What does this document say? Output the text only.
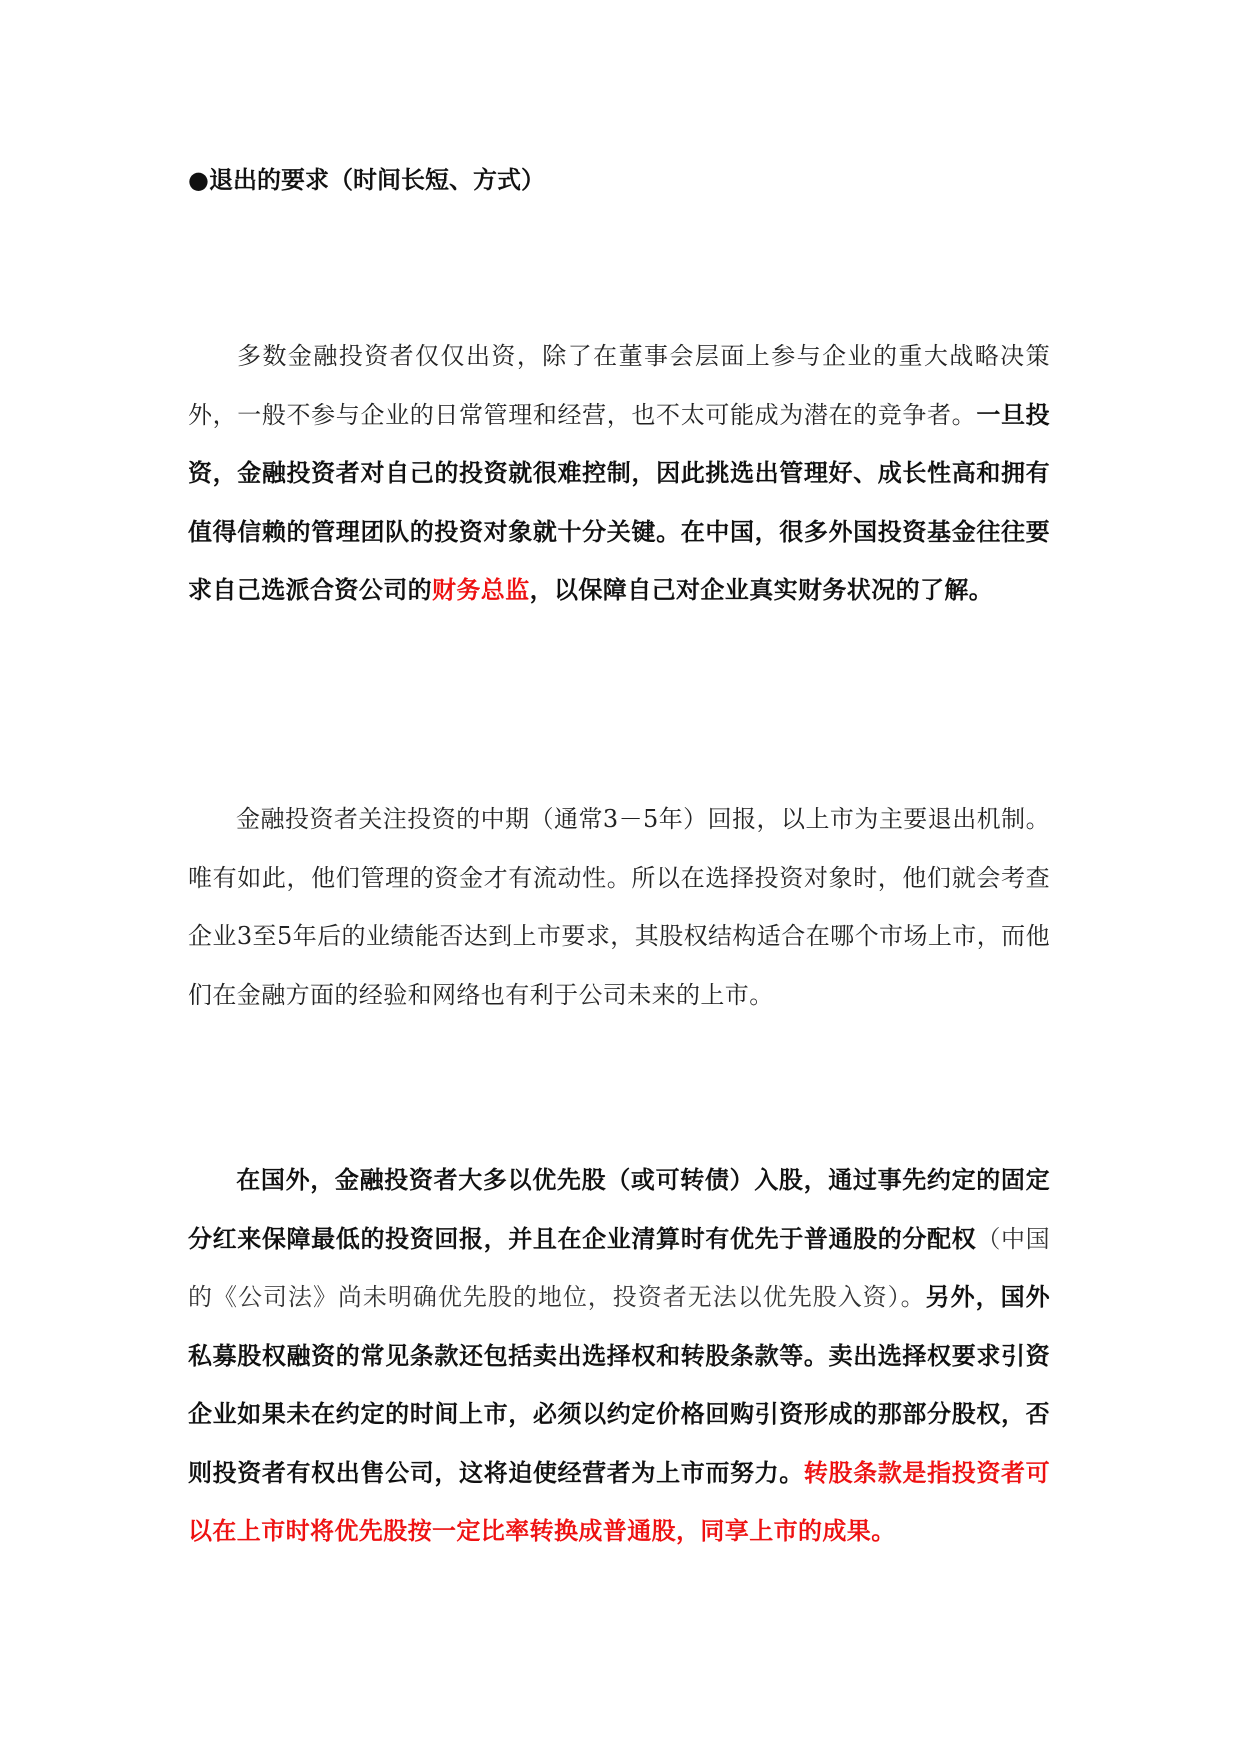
●退出的要求（时间长短、方式）

多数金融投资者仅仅出资，除了在董事会层面上参与企业的重大战略决策外，一般不参与企业的日常管理和经营，也不太可能成为潜在的竞争者。一旦投资，金融投资者对自己的投资就很难控制，因此挑选出管理好、成长性高和拥有值得信赖的管理团队的投资对象就十分关键。在中国，很多外国投资基金往往要求自己选派合资公司的财务总监，以保障自己对企业真实财务状况的了解。

金融投资者关注投资的中期（通常3－5年）回报，以上市为主要退出机制。唯有如此，他们管理的资金才有流动性。所以在选择投资对象时，他们就会考查企业3至5年后的业绩能否达到上市要求，其股权结构适合在哪个市场上市，而他们在金融方面的经验和网络也有利于公司未来的上市。

在国外，金融投资者大多以优先股（或可转债）入股，通过事先约定的固定分红来保障最低的投资回报，并且在企业清算时有优先于普通股的分配权（中国的《公司法》尚未明确优先股的地位，投资者无法以优先股入资）。另外，国外私募股权融资的常见条款还包括卖出选择权和转股条款等。卖出选择权要求引资企业如果未在约定的时间上市，必须以约定价格回购引资形成的那部分股权，否则投资者有权出售公司，这将迫使经营者为上市而努力。转股条款是指投资者可以在上市时将优先股按一定比率转换成普通股，同享上市的成果。
